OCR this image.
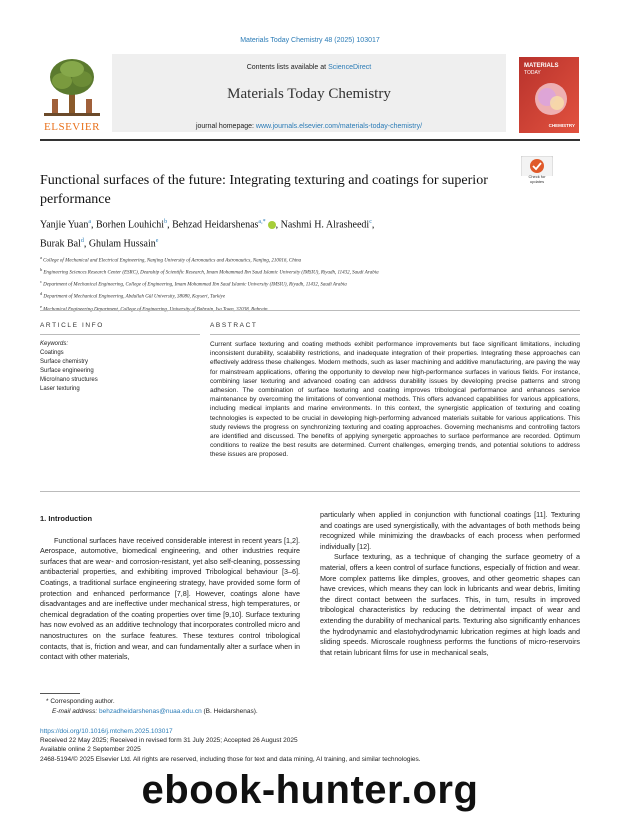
Materials Today Chemistry 48 (2025) 103017
ELSEVIER
Contents lists available at ScienceDirect
Materials Today Chemistry
journal homepage: www.journals.elsevier.com/materials-today-chemistry/
MATERIALS
TODAY
CHEMISTRY
Check for updates
Functional surfaces of the future: Integrating texturing and coatings for superior performance
Yanjie Yuan$^a$, Borhen Louhichi$^b$, Behzad Heidarshenas$^{a,*}$ , Nashmi H. Alrasheedi$^c$,
Burak Bal$^d$, Ghulam Hussain$^e$
a College of Mechanical and Electrical Engineering, Nanjing University of Aeronautics and Astronautics, Nanjing, 210016, China
b Engineering Sciences Research Center (ESRC), Deanship of Scientific Research, Imam Mohammad Ibn Saud Islamic University (IMSIU), Riyadh, 11432, Saudi Arabia
c Department of Mechanical Engineering, College of Engineering, Imam Mohammad Ibn Saud Islamic University (IMSIU), Riyadh, 11432, Saudi Arabia
d Department of Mechanical Engineering, Abdullah Gül University, 38080, Kayseri, Turkiye
e
ARTICLE INFO	ABSTRACT
Keywords:
Coatings
Surface chemistry
Surface engineering
Micro/nano structures
Laser texturing
Current surface texturing and coating methods exhibit performance improvements but face significant limitations, including inconsistent durability, scalability restrictions, and inadequate integration of their properties. Integrating these approaches can effectively address these challenges. Modern methods, such as laser machining and additive manufacturing, are paving the way for mainstream applications, offering the opportunity to develop new high-performance surfaces in various fields. For instance, combining laser texturing and advanced coating can address durability issues by developing precise patterns and strong adhesion. The combination of surface texturing and coating improves tribological performance and enhances service maintenance by overcoming the limitations of conventional methods. This offers advanced capabilities for various applications, including medical implants and marine environments. In this context, the synergistic application of texturing and coating technologies is expected to be crucial in developing high-performing advanced materials suitable for various applications. This study reviews the progress on synchronizing texturing and coating approaches. Governing mechanisms and controlling factors are identified and discussed. The benefits of applying synergetic approaches to surface performance are recorded. Optimum conditions to realize the best results are determined. Current challenges, emerging trends, and potential solutions to address these issues are proposed.
1. Introduction

Functional surfaces have received considerable interest in recent years [1,2]. Aerospace, automotive, biomedical engineering, and other industries require surfaces that are wear- and corrosion-resistant, yet also self-cleaning, possessing antibacterial properties, and exhibiting improved Tribological behaviour [3–6]. Coatings, a traditional surface engineering strategy, have provided some form of protection and enhanced performance [7,8]. However, coatings alone have disadvantages and are ineffective under mechanical stress, high temperatures, or chemical degradation of the coating properties over time [9,10]. Surface texturing has now evolved as an additive technology that incorporates controlled micro and nanostructures on the surface features. These textures control tribological contacts, that is, friction and wear, and can fundamentally alter a surface when in contact with other materials,

particularly when applied in conjunction with functional coatings [11]. Texturing and coatings are used synergistically, with the advantages of both methods being recognized while minimizing the drawbacks of each process when performed individually [12].

Surface texturing, as a technique of changing the surface geometry of a material, offers a keen control of surface functions, especially of friction and wear. More complex patterns like dimples, grooves, and other geometric shapes can have crevices, which means they can lock in lubricants and wear debris, limiting the direct contact between the surfaces. This, in turn, results in improved tribological characteristics by reducing the detrimental impact of wear and extending the durability of mechanical parts. Texturing also significantly enhances the hydrodynamic and elastohydrodynamic lubrication regimes at high loads and sliding speeds. Microscale roughness performs the functions of micro-reservoirs that retain lubricant films for use in mechanical seals,

* Corresponding author.
E-mail address: behzadheidarshenas@nuaa.edu.cn (B. Heidarshenas).
https://doi.org/10.1016/j.mtchem.2025.103017
Received 22 May 2025; Received in revised form 31 July 2025; Accepted 26 August 2025
Available online 2 September 2025
2468-5194/© 2025 Elsevier Ltd. All rights are reserved, including those for text and data mining, AI training, and similar technologies.
ebook-hunter.org
